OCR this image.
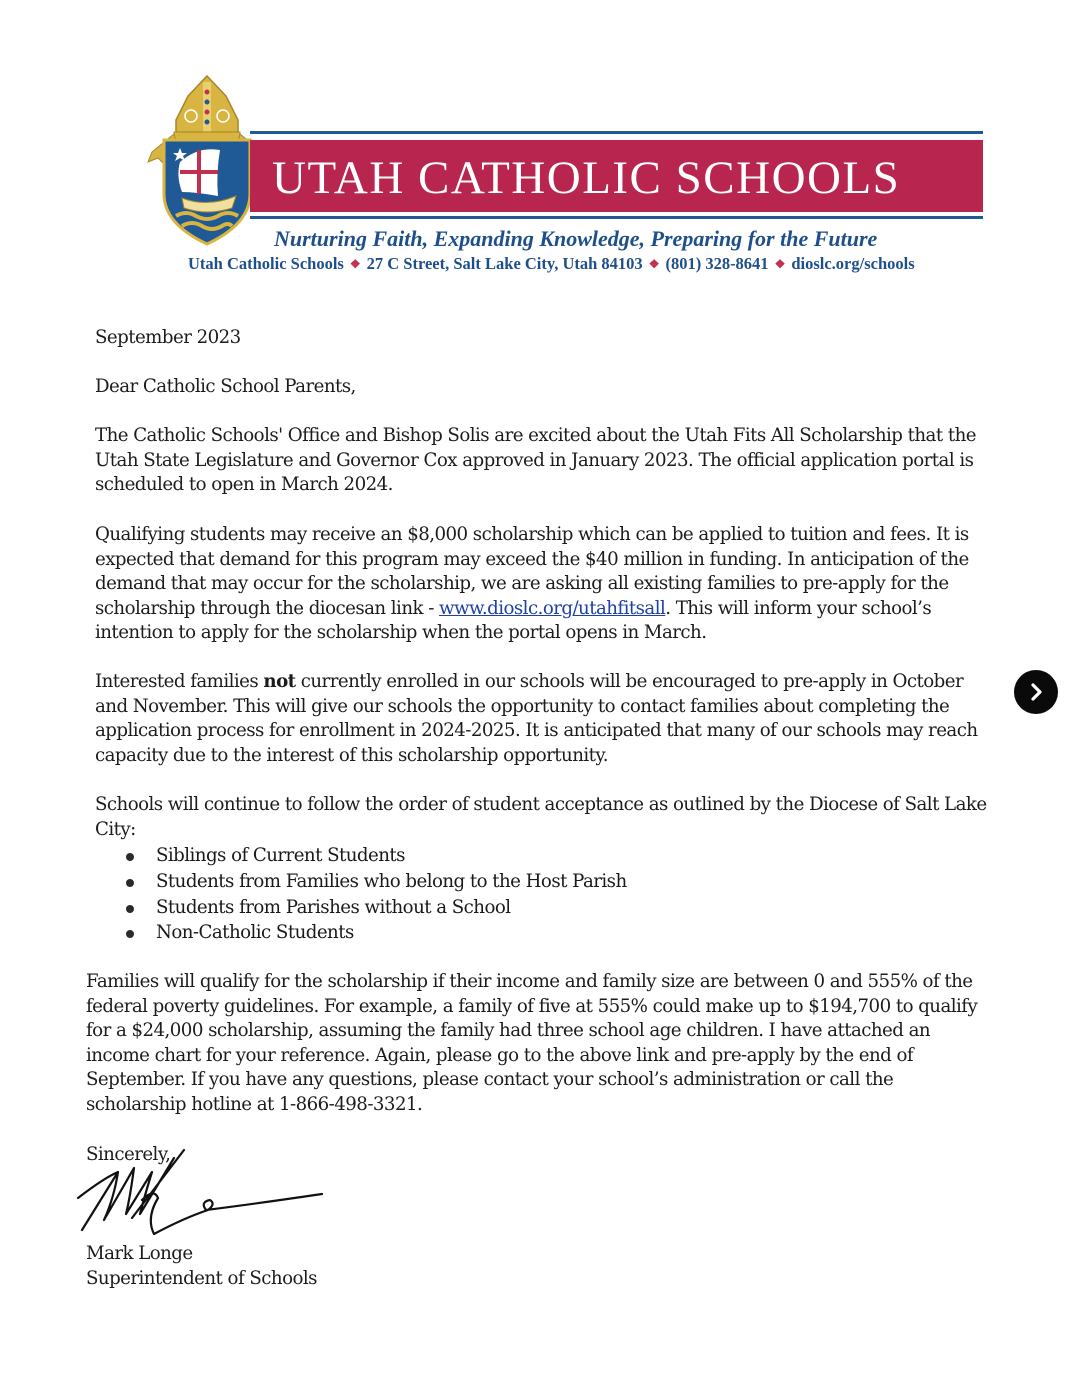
UTAH CATHOLIC SCHOOLS
Nurturing Faith, Expanding Knowledge, Preparing for the Future
Utah Catholic Schools ❖ 27 C Street, Salt Lake City, Utah 84103 ❖ (801) 328-8641 ❖ dioslc.org/schools
September 2023
Dear Catholic School Parents,
The Catholic Schools' Office and Bishop Solis are excited about the Utah Fits All Scholarship that the
Utah State Legislature and Governor Cox approved in January 2023. The official application portal is
scheduled to open in March 2024.
Qualifying students may receive an $8,000 scholarship which can be applied to tuition and fees. It is
expected that demand for this program may exceed the $40 million in funding. In anticipation of the
demand that may occur for the scholarship, we are asking all existing families to pre-apply for the
scholarship through the diocesan link - www.dioslc.org/utahfitsall. This will inform your school’s
intention to apply for the scholarship when the portal opens in March.
Interested families not currently enrolled in our schools will be encouraged to pre-apply in October
and November. This will give our schools the opportunity to contact families about completing the
application process for enrollment in 2024-2025. It is anticipated that many of our schools may reach
capacity due to the interest of this scholarship opportunity.
Schools will continue to follow the order of student acceptance as outlined by the Diocese of Salt Lake
City:
Siblings of Current Students
Students from Families who belong to the Host Parish
Students from Parishes without a School
Non-Catholic Students
Families will qualify for the scholarship if their income and family size are between 0 and 555% of the
federal poverty guidelines. For example, a family of five at 555% could make up to $194,700 to qualify
for a $24,000 scholarship, assuming the family had three school age children. I have attached an
income chart for your reference. Again, please go to the above link and pre-apply by the end of
September. If you have any questions, please contact your school’s administration or call the
scholarship hotline at 1-866-498-3321.
Sincerely,
Mark Longe
Superintendent of Schools
